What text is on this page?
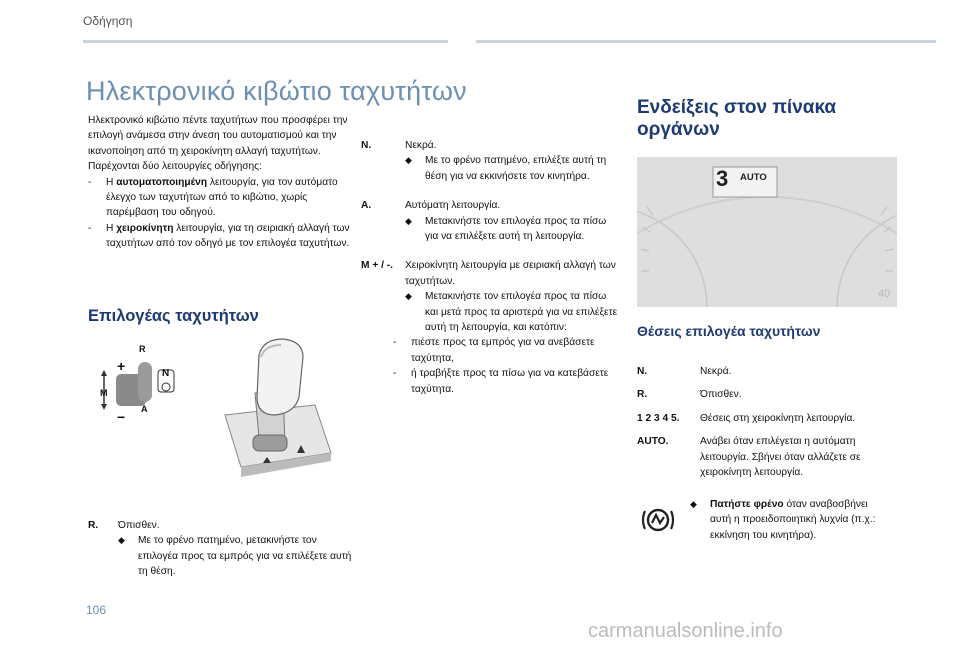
Οδήγηση
Ηλεκτρονικό κιβώτιο ταχυτήτων

Ηλεκτρονικό κιβώτιο πέντε ταχυτήτων που προσφέρει την επιλογή ανάμεσα στην άνεση του αυτοματισμού και την ικανοποίηση από τη χειροκίνητη αλλαγή ταχυτήτων.

Παρέχονται δύο λειτουργίες οδήγησης:

-	Η αυτοματοποιημένη λειτουργία, για τον αυτόματο έλεγχο των ταχυτήτων από το κιβώτιο, χωρίς παρέμβαση του οδηγού.
-	Η χειροκίνητη λειτουργία, για τη σειριακή αλλαγή των ταχυτήτων από τον οδηγό με τον επιλογέα ταχυτήτων.
Επιλογέας ταχυτήτων
R
N
A
M
+
−
R.	Όπισθεν.
◆	Με το φρένο πατημένο, μετακινήστε τον επιλογέα προς τα εμπρός για να επιλέξετε αυτή τη θέση.
N.	Νεκρά.
◆	Με το φρένο πατημένο, επιλέξτε αυτή τη θέση για να εκκινήσετε τον κινητήρα.
A.	Αυτόματη λειτουργία.
◆	Μετακινήστε τον επιλογέα προς τα πίσω για να επιλέξετε αυτή τη λειτουργία.
M + / -.	Χειροκίνητη λειτουργία με σειριακή αλλαγή των ταχυτήτων.
◆	Μετακινήστε τον επιλογέα προς τα πίσω και μετά προς τα αριστερά για να επιλέξετε αυτή τη λειτουργία, και κατόπιν:
-	πιέστε προς τα εμπρός για να ανεβάσετε ταχύτητα,
-	ή τραβήξτε προς τα πίσω για να κατεβάσετε ταχύτητα.
Ενδείξεις στον πίνακα οργάνων
3 AUTO
40
Θέσεις επιλογέα ταχυτήτων
N.	Νεκρά.
R.	Όπισθεν.
1 2 3 4 5.	Θέσεις στη χειροκίνητη λειτουργία.
AUTO.	Ανάβει όταν επιλέγεται η αυτόματη λειτουργία. Σβήνει όταν αλλάζετε σε χειροκίνητη λειτουργία.
◆	Πατήστε φρένο όταν αναβοσβήνει αυτή η προειδοποιητική λυχνία (π.χ.: εκκίνηση του κινητήρα).
106
carmanualsonline.info
